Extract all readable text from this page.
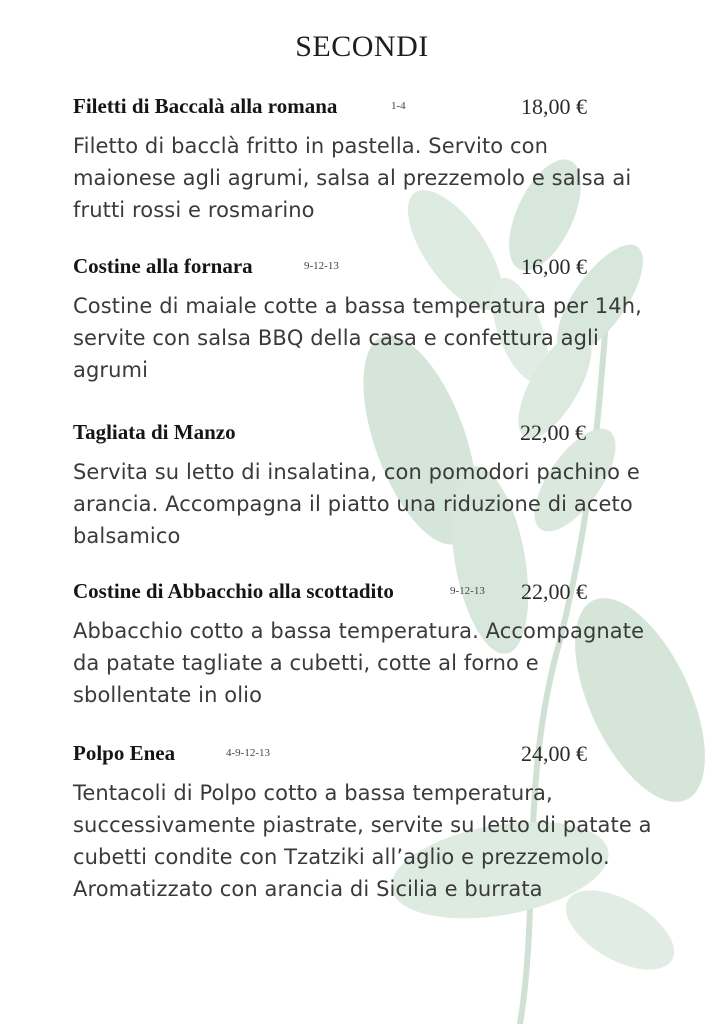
SECONDI
Filetti di Baccalà alla romana	1-4	18,00 €

Filetto di bacclà fritto in pastella. Servito con maionese agli agrumi, salsa al prezzemolo e salsa ai frutti rossi e rosmarino

Costine alla fornara	9-12-13	16,00 €

Costine di maiale cotte a bassa temperatura per 14h, servite con salsa BBQ della casa e confettura agli agrumi

Tagliata di Manzo	22,00 €

Servita su letto di insalatina, con pomodori pachino e arancia. Accompagna il piatto una riduzione di aceto balsamico

Costine di Abbacchio alla scottadito	9-12-13 22,00 €

Abbacchio cotto a bassa temperatura. Accompagnate da patate tagliate a cubetti, cotte al forno e sbollentate in olio

Polpo Enea	4-9-12-13	24,00 €

Tentacoli di Polpo cotto a bassa temperatura, successivamente piastrate, servite su letto di patate a cubetti condite con Tzatziki all’aglio e prezzemolo. Aromatizzato con arancia di Sicilia e burrata
